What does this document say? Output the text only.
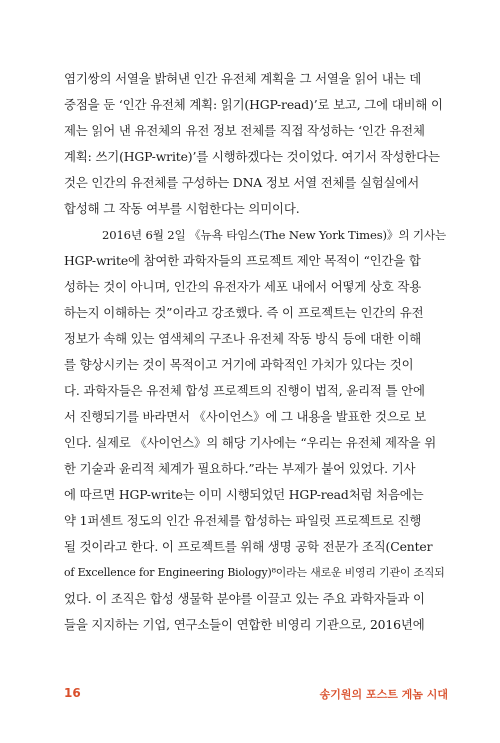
염기쌍의 서열을 밝혀낸 인간 유전체 계획을 그 서열을 읽어 내는 데
중점을 둔 ‘인간 유전체 계획: 읽기(HGP-read)’로 보고, 그에 대비해 이
제는 읽어 낸 유전체의 유전 정보 전체를 직접 작성하는 ‘인간 유전체
계획: 쓰기(HGP-write)’를 시행하겠다는 것이었다. 여기서 작성한다는
것은 인간의 유전체를 구성하는 DNA 정보 서열 전체를 실험실에서
합성해 그 작동 여부를 시험한다는 의미이다.
2016년 6월 2일 《뉴욕 타임스(The New York Times)》의 기사는
HGP-write에 참여한 과학자들의 프로젝트 제안 목적이 “인간을 합
성하는 것이 아니며, 인간의 유전자가 세포 내에서 어떻게 상호 작용
하는지 이해하는 것”이라고 강조했다. 즉 이 프로젝트는 인간의 유전
정보가 속해 있는 염색체의 구조나 유전체 작동 방식 등에 대한 이해
를 향상시키는 것이 목적이고 거기에 과학적인 가치가 있다는 것이
다. 과학자들은 유전체 합성 프로젝트의 진행이 법적, 윤리적 틀 안에
서 진행되기를 바라면서 《사이언스》에 그 내용을 발표한 것으로 보
인다. 실제로 《사이언스》의 해당 기사에는 “우리는 유전체 제작을 위
한 기술과 윤리적 체계가 필요하다.”라는 부제가 붙어 있었다. 기사
에 따르면 HGP-write는 이미 시행되었던 HGP-read처럼 처음에는
약 1퍼센트 정도의 인간 유전체를 합성하는 파일럿 프로젝트로 진행
될 것이라고 한다. 이 프로젝트를 위해 생명 공학 전문가 조직(Center
of Excellence for Engineering Biology)⁸이라는 새로운 비영리 기관이 조직되
었다. 이 조직은 합성 생물학 분야를 이끌고 있는 주요 과학자들과 이
들을 지지하는 기업, 연구소들이 연합한 비영리 기관으로, 2016년에
16	송기원의 포스트 게놈 시대
